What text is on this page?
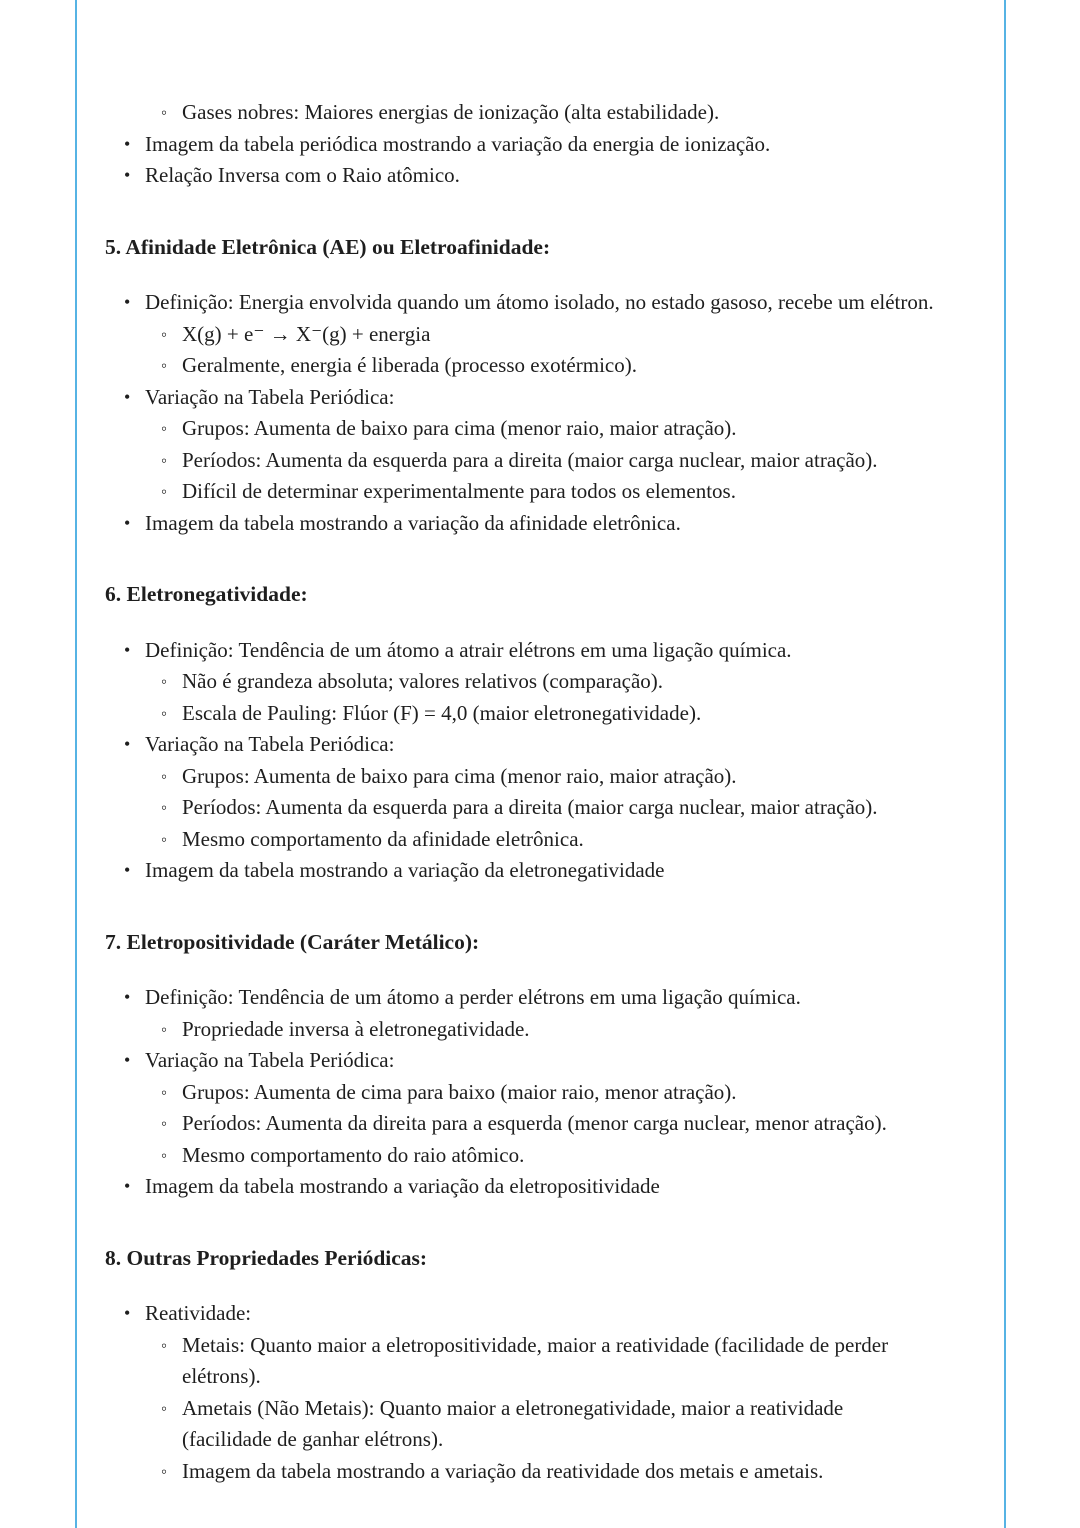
◦ Gases nobres: Maiores energias de ionização (alta estabilidade).
• Imagem da tabela periódica mostrando a variação da energia de ionização.
• Relação Inversa com o Raio atômico.
5. Afinidade Eletrônica (AE) ou Eletroafinidade:
• Definição: Energia envolvida quando um átomo isolado, no estado gasoso, recebe um elétron.
◦ X(g) + e⁻ → X⁻(g) + energia
◦ Geralmente, energia é liberada (processo exotérmico).
• Variação na Tabela Periódica:
◦ Grupos: Aumenta de baixo para cima (menor raio, maior atração).
◦ Períodos: Aumenta da esquerda para a direita (maior carga nuclear, maior atração).
◦ Difícil de determinar experimentalmente para todos os elementos.
• Imagem da tabela mostrando a variação da afinidade eletrônica.
6. Eletronegatividade:
• Definição: Tendência de um átomo a atrair elétrons em uma ligação química.
◦ Não é grandeza absoluta; valores relativos (comparação).
◦ Escala de Pauling: Flúor (F) = 4,0 (maior eletronegatividade).
• Variação na Tabela Periódica:
◦ Grupos: Aumenta de baixo para cima (menor raio, maior atração).
◦ Períodos: Aumenta da esquerda para a direita (maior carga nuclear, maior atração).
◦ Mesmo comportamento da afinidade eletrônica.
• Imagem da tabela mostrando a variação da eletronegatividade
7. Eletropositividade (Caráter Metálico):
• Definição: Tendência de um átomo a perder elétrons em uma ligação química.
◦ Propriedade inversa à eletronegatividade.
• Variação na Tabela Periódica:
◦ Grupos: Aumenta de cima para baixo (maior raio, menor atração).
◦ Períodos: Aumenta da direita para a esquerda (menor carga nuclear, menor atração).
◦ Mesmo comportamento do raio atômico.
• Imagem da tabela mostrando a variação da eletropositividade
8. Outras Propriedades Periódicas:
• Reatividade:
◦ Metais: Quanto maior a eletropositividade, maior a reatividade (facilidade de perder elétrons).
◦ Ametais (Não Metais): Quanto maior a eletronegatividade, maior a reatividade (facilidade de ganhar elétrons).
◦ Imagem da tabela mostrando a variação da reatividade dos metais e ametais.
